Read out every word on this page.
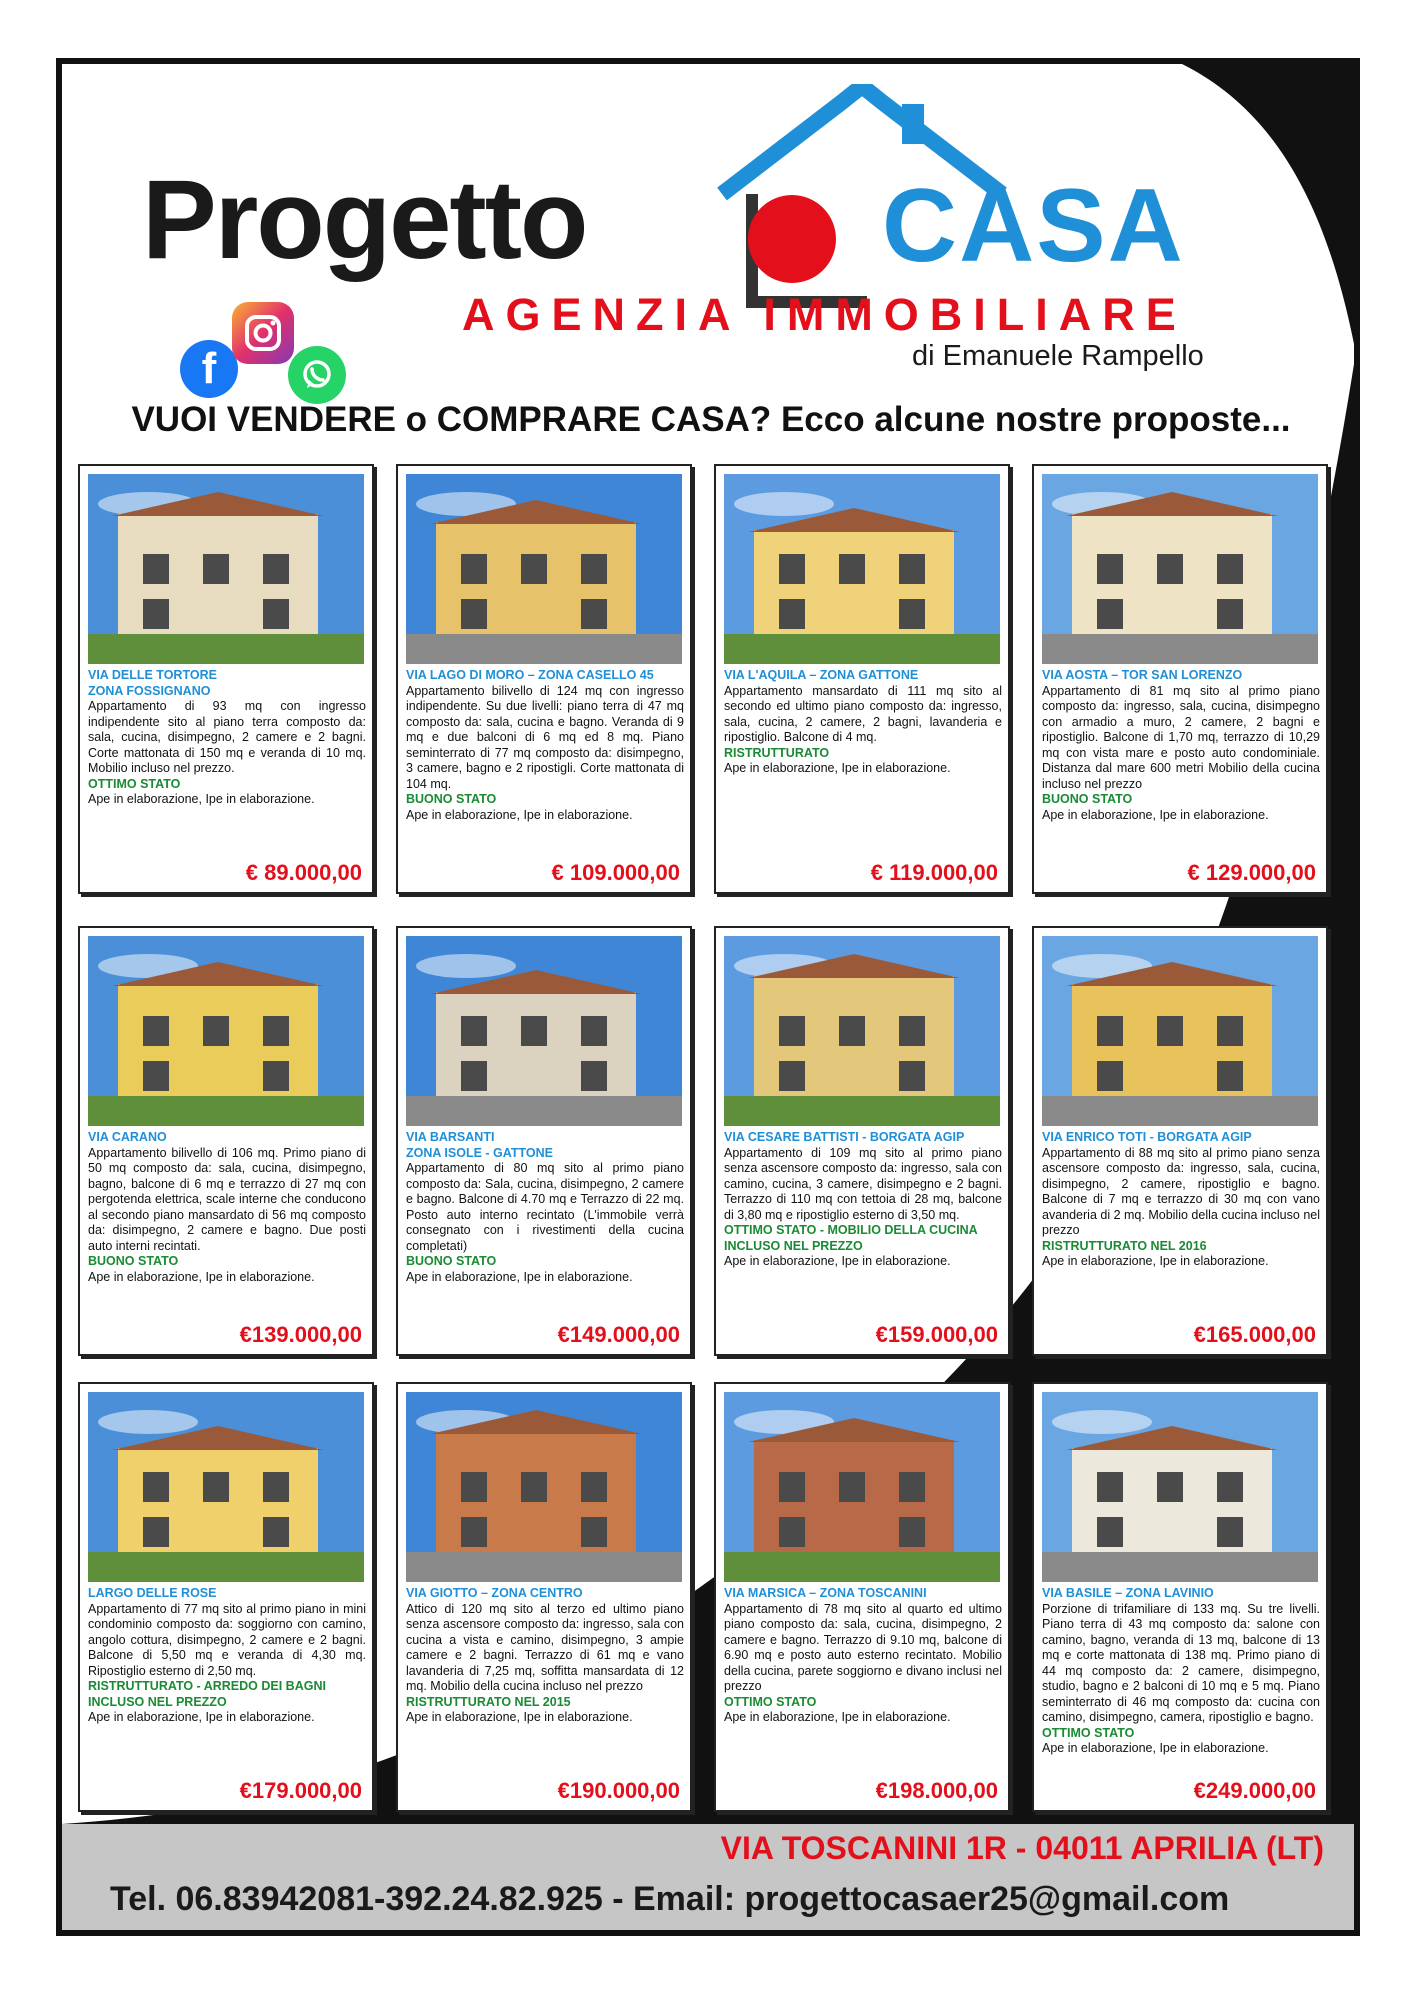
Progetto	CASA
AGENZIA IMMOBILIARE
di Emanuele Rampello
f
VUOI VENDERE o COMPRARE CASA? Ecco alcune nostre proposte...
VIA DELLE TORTORE
ZONA FOSSIGNANO
Appartamento di 93 mq con ingresso indipendente sito al piano terra composto da: sala, cucina, disimpegno, 2 camere e 2 bagni. Corte mattonata di 150 mq e veranda di 10 mq. Mobilio incluso nel prezzo.
OTTIMO STATO
Ape in elaborazione, Ipe in elaborazione.
€ 89.000,00
VIA LAGO DI MORO – ZONA CASELLO 45
Appartamento bilivello di 124 mq con ingresso indipendente. Su due livelli: piano terra di 47 mq composto da: sala, cucina e bagno. Veranda di 9 mq e due balconi di 6 mq ed 8 mq. Piano seminterrato di 77 mq composto da: disimpegno, 3 camere, bagno e 2 ripostigli. Corte mattonata di 104 mq.
BUONO STATO
Ape in elaborazione, Ipe in elaborazione.
€ 109.000,00
VIA L'AQUILA – ZONA GATTONE
Appartamento mansardato di 111 mq sito al secondo ed ultimo piano composto da: ingresso, sala, cucina, 2 camere, 2 bagni, lavanderia e ripostiglio. Balcone di 4 mq.
RISTRUTTURATO
Ape in elaborazione, Ipe in elaborazione.
€ 119.000,00
VIA AOSTA – TOR SAN LORENZO
Appartamento di 81 mq sito al primo piano composto da: ingresso, sala, cucina, disimpegno con armadio a muro, 2 camere, 2 bagni e ripostiglio. Balcone di 1,70 mq, terrazzo di 10,29 mq con vista mare e posto auto condominiale. Distanza dal mare 600 metri Mobilio della cucina incluso nel prezzo
BUONO STATO
Ape in elaborazione, Ipe in elaborazione.
€ 129.000,00
VIA CARANO
Appartamento bilivello di 106 mq. Primo piano di 50 mq composto da: sala, cucina, disimpegno, bagno, balcone di 6 mq e terrazzo di 27 mq con pergotenda elettrica, scale interne che conducono al secondo piano mansardato di 56 mq composto da: disimpegno, 2 camere e bagno. Due posti auto interni recintati.
BUONO STATO
Ape in elaborazione, Ipe in elaborazione.
€139.000,00
VIA BARSANTI
ZONA ISOLE - GATTONE
Appartamento di 80 mq sito al primo piano composto da: Sala, cucina, disimpegno, 2 camere e bagno. Balcone di 4.70 mq e Terrazzo di 22 mq. Posto auto interno recintato (L'immobile verrà consegnato con i rivestimenti della cucina completati)
BUONO STATO
Ape in elaborazione, Ipe in elaborazione.
€149.000,00
VIA CESARE BATTISTI - BORGATA AGIP
Appartamento di 109 mq sito al primo piano senza ascensore composto da: ingresso, sala con camino, cucina, 3 camere, disimpegno e 2 bagni. Terrazzo di 110 mq con tettoia di 28 mq, balcone di 3,80 mq e ripostiglio esterno di 3,50 mq.
OTTIMO STATO - MOBILIO DELLA CUCINA INCLUSO NEL PREZZO
Ape in elaborazione, Ipe in elaborazione.
€159.000,00
VIA ENRICO TOTI - BORGATA AGIP
Appartamento di 88 mq sito al primo piano senza ascensore composto da: ingresso, sala, cucina, disimpegno, 2 camere, ripostiglio e bagno. Balcone di 7 mq e terrazzo di 30 mq con vano avanderia di 2 mq. Mobilio della cucina incluso nel prezzo
RISTRUTTURATO NEL 2016
Ape in elaborazione, Ipe in elaborazione.
€165.000,00
LARGO DELLE ROSE
Appartamento di 77 mq sito al primo piano in mini condominio composto da: soggiorno con camino, angolo cottura, disimpegno, 2 camere e 2 bagni. Balcone di 5,50 mq e veranda di 4,30 mq. Ripostiglio esterno di 2,50 mq.
RISTRUTTURATO - ARREDO DEI BAGNI INCLUSO NEL PREZZO
Ape in elaborazione, Ipe in elaborazione.
€179.000,00
VIA GIOTTO – ZONA CENTRO
Attico di 120 mq sito al terzo ed ultimo piano senza ascensore composto da: ingresso, sala con cucina a vista e camino, disimpegno, 3 ampie camere e 2 bagni. Terrazzo di 61 mq e vano lavanderia di 7,25 mq, soffitta mansardata di 12 mq. Mobilio della cucina incluso nel prezzo
RISTRUTTURATO NEL 2015
Ape in elaborazione, Ipe in elaborazione.
€190.000,00
VIA MARSICA – ZONA TOSCANINI
Appartamento di 78 mq sito al quarto ed ultimo piano composto da: sala, cucina, disimpegno, 2 camere e bagno. Terrazzo di 9.10 mq, balcone di 6.90 mq e posto auto esterno recintato. Mobilio della cucina, parete soggiorno e divano inclusi nel prezzo
OTTIMO STATO
Ape in elaborazione, Ipe in elaborazione.
€198.000,00
VIA BASILE – ZONA LAVINIO
Porzione di trifamiliare di 133 mq. Su tre livelli. Piano terra di 43 mq composto da: salone con camino, bagno, veranda di 13 mq, balcone di 13 mq e corte mattonata di 138 mq. Primo piano di 44 mq composto da: 2 camere, disimpegno, studio, bagno e 2 balconi di 10 mq e 5 mq. Piano seminterrato di 46 mq composto da: cucina con camino, disimpegno, camera, ripostiglio e bagno.
OTTIMO STATO
Ape in elaborazione, Ipe in elaborazione.
€249.000,00
VIA TOSCANINI 1R - 04011 APRILIA (LT)
Tel. 06.83942081-392.24.82.925 - Email: progettocasaer25@gmail.com
